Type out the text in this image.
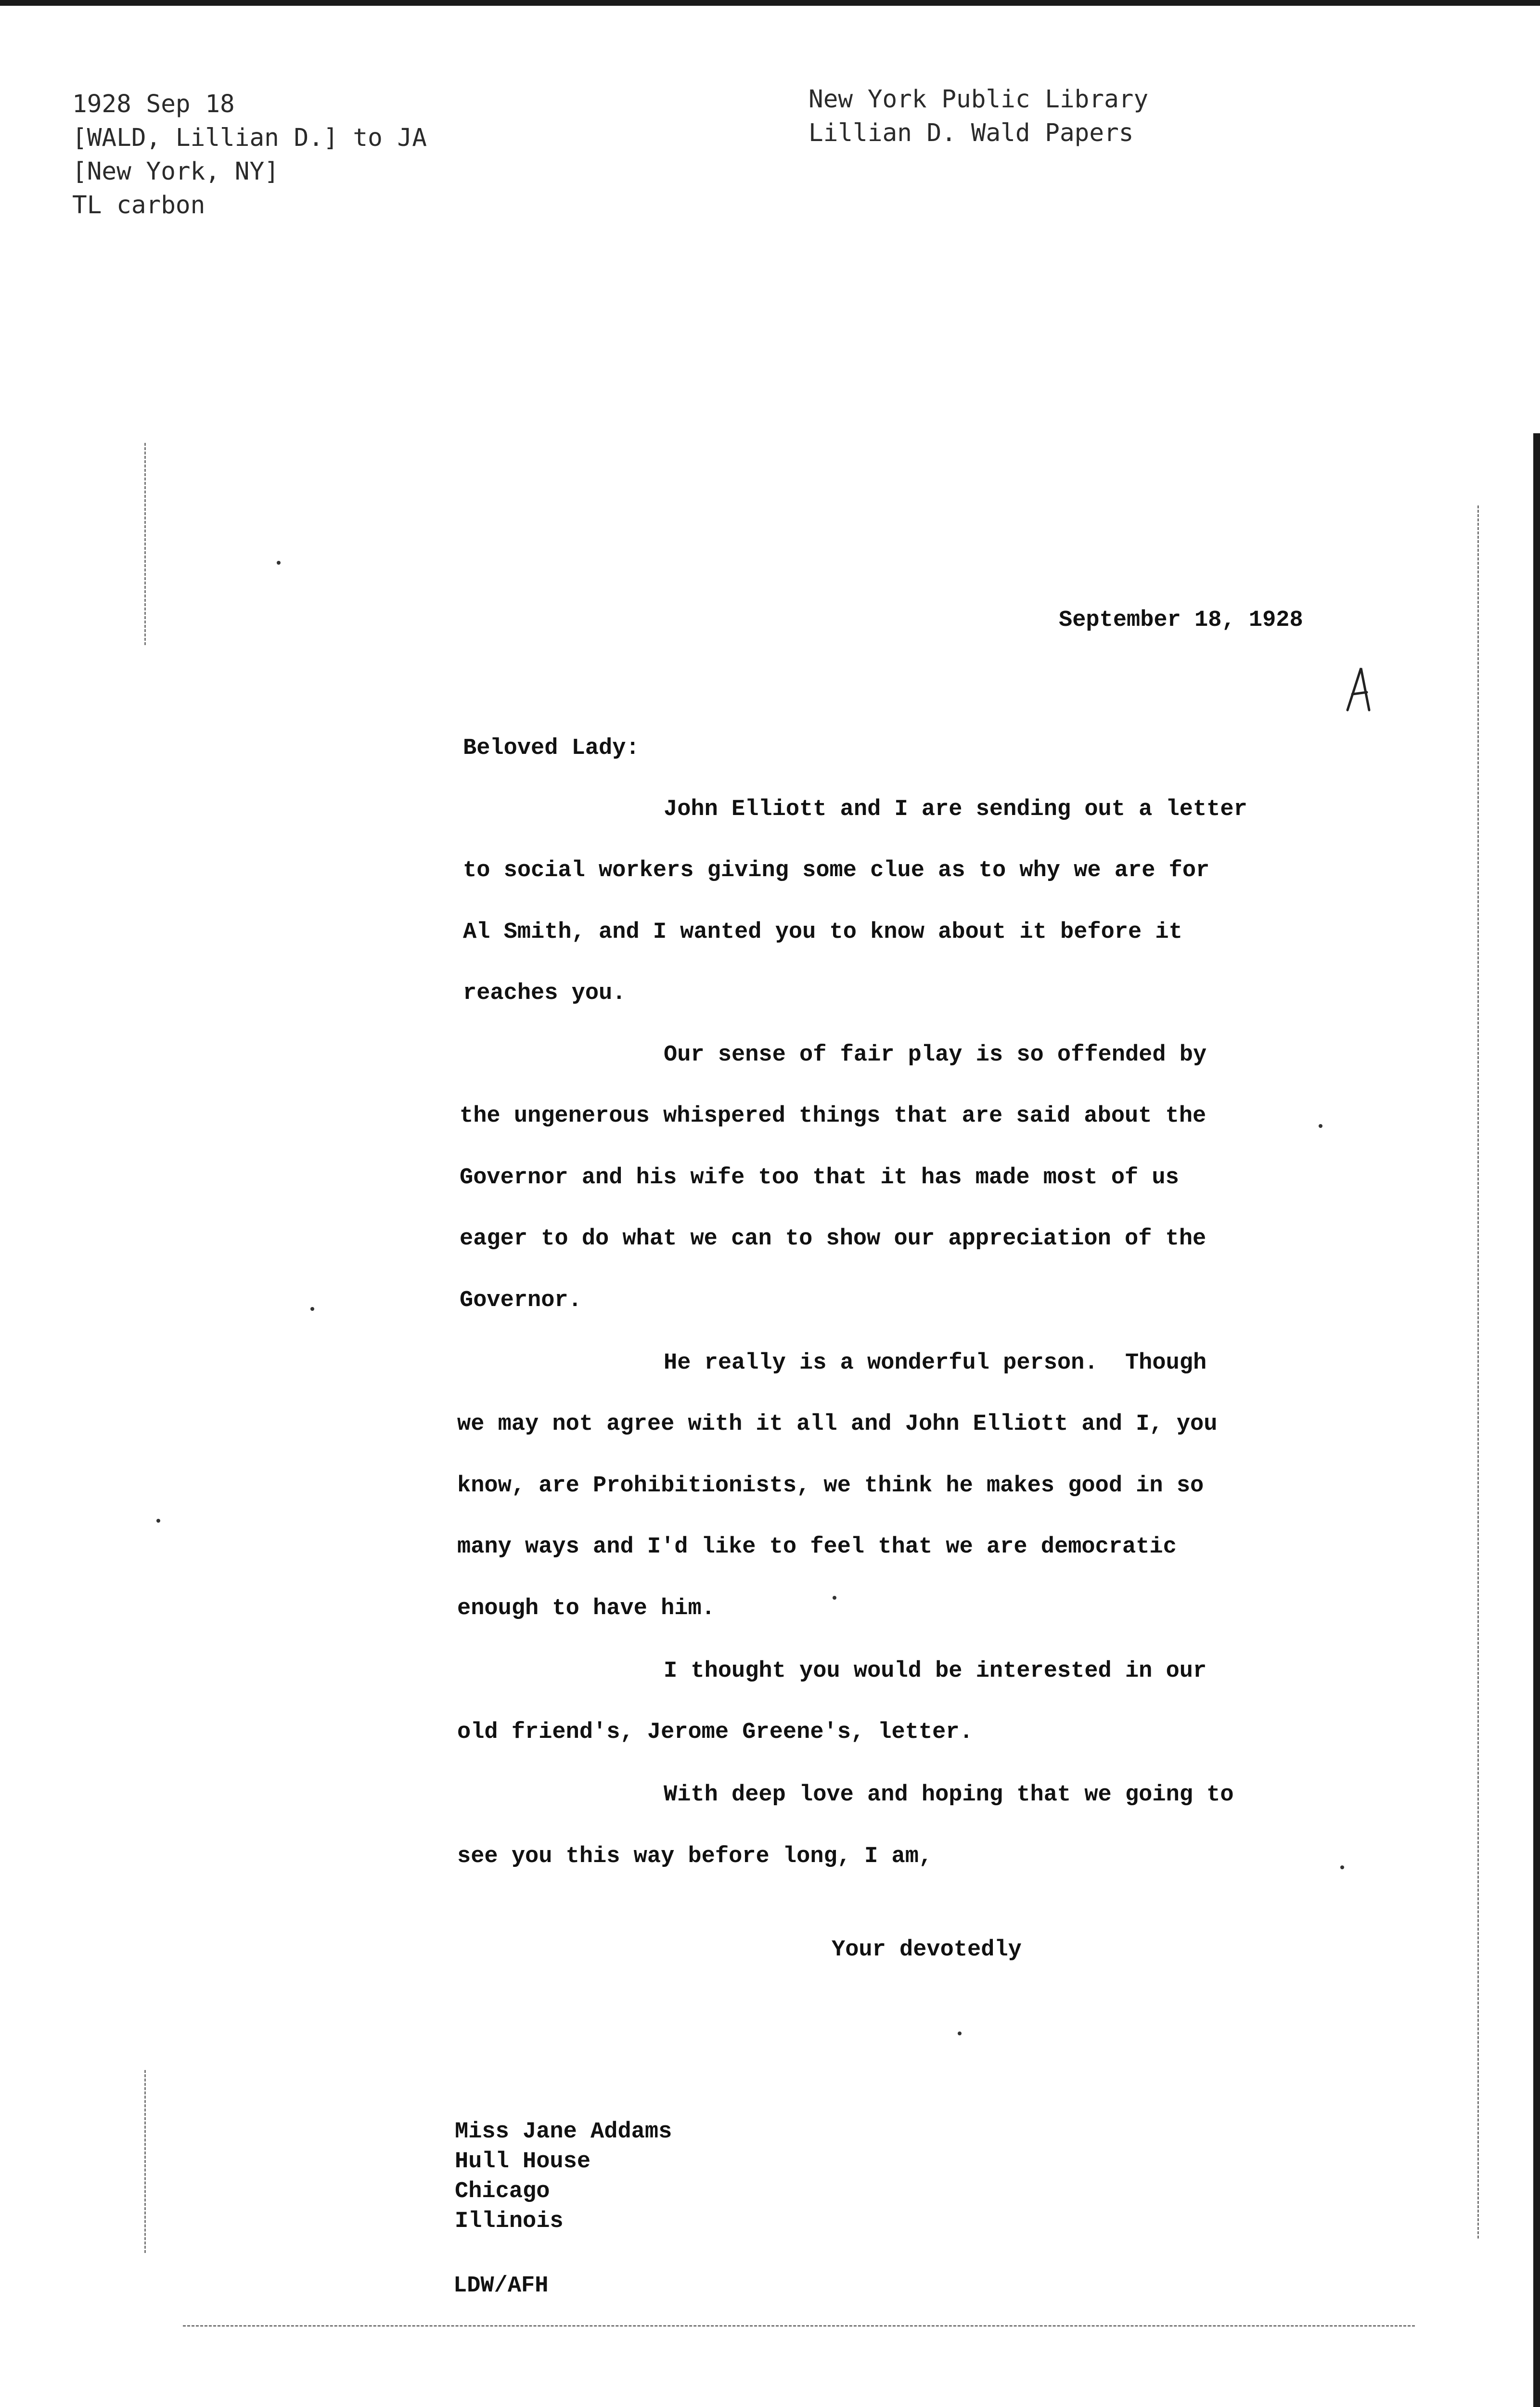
1928 Sep 18
[WALD, Lillian D.] to JA
[New York, NY]
TL carbon
New York Public Library
Lillian D. Wald Papers
September 18, 1928
Beloved Lady:
John Elliott and I are sending out a letter
to social workers giving some clue as to why we are for
Al Smith, and I wanted you to know about it before it
reaches you.
Our sense of fair play is so offended by
the ungenerous whispered things that are said about the
Governor and his wife too that it has made most of us
eager to do what we can to show our appreciation of the
Governor.
He really is a wonderful person.  Though
we may not agree with it all and John Elliott and I, you
know, are Prohibitionists, we think he makes good in so
many ways and I'd like to feel that we are democratic
enough to have him.
I thought you would be interested in our
old friend's, Jerome Greene's, letter.
With deep love and hoping that we going to
see you this way before long, I am,
Your devotedly
Miss Jane Addams
Hull House
Chicago
Illinois
LDW/AFH
